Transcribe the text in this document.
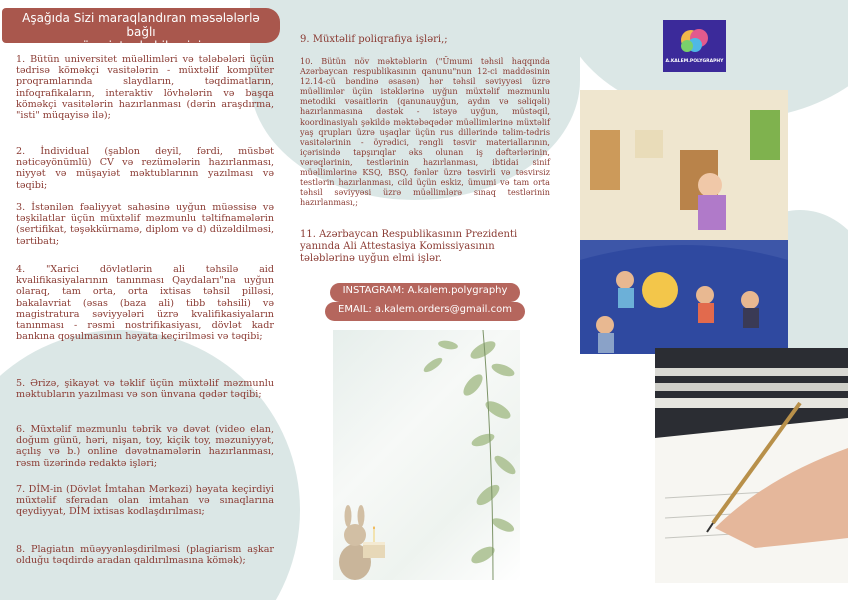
Aşağıda Sizi maraqlandıran məsələlərlə bağlı
müraciət edə bilərsiniz:

1. Bütün universitet müəllimləri və tələbələri üçün tədrisə köməkçi vasitələrin - müxtəlif kompüter proqramlarında slaydların, təqdimatların, infoqrafikaların, interaktiv lövhələrin və başqa köməkçi vasitələrin hazırlanması (dərin araşdırma, "isti" müqayisə ilə);

2. İndividual (şablon deyil, fərdi, müsbət nəticəyönümlü) CV və rezümələrin hazırlanması, niyyət və müşayiət məktublarının yazılması və təqibi;

3. İstənilən fəaliyyət sahəsinə uyğun müəssisə və təşkilatlar üçün müxtəlif məzmunlu təltifnamələrin (sertifikat, təşəkkürnamə, diplom və d) düzəldilməsi, tərtibatı;

4. "Xarici dövlətlərin ali təhsilə aid kvalifikasiyalarının tanınması Qaydaları"na uyğun olaraq, tam orta, orta ixtisas təhsil pilləsi, bakalavriat (əsas (baza ali) tibb təhsili) və magistratura səviyyələri üzrə kvalifikasiyaların tanınması - rəsmi nostrifikasiyası, dövlət kadr bankına qoşulmasının həyata keçirilməsi və təqibi;

5. Ərizə, şikayət və təklif üçün müxtəlif məzmunlu məktubların yazılması və son ünvana qədər təqibi;

6. Müxtəlif məzmunlu təbrik və dəvət (video elan, doğum günü, həri, nişan, toy, kiçik toy, məzuniyyət, açılış və b.) online dəvətnamələrin hazırlanması, rəsm üzərində redaktə işləri;

7. DİM-in (Dövlət İmtahan Mərkəzi) həyata keçirdiyi müxtəlif sferadan olan imtahan və sınaqlarına qeydiyyat, DİM ixtisas kodlaşdırılması;

8. Plagiatın müəyyənləşdirilməsi (plagiarism aşkar olduğu təqdirdə aradan qaldırılmasına kömək);

9. Müxtəlif poliqrafiya işləri,;
10. Bütün növ məktəblərin ("Ümumi təhsil haqqında Azərbaycan respublikasının qanunu"nun 12-ci maddəsinin 12.14-cü bəndinə əsasən) hər təhsil səviyyəsi üzrə müəllimlər üçün istəklərinə uyğun müxtəlif məzmunlu metodiki vəsaitlərin (qanunauyğun, aydın və səliqəli) hazırlanmasına dəstək - istəyə uyğun, müstəqil, koordinasiyalı şəkildə məktəbəqədər müəllimlərinə müxtəlif yaş qrupları üzrə uşaqlar üçün rus dillərində təlim-tədris vasitələrinin - öyrədici, rəngli təsvir materiallarının, içərisində tapşırıqlar əks olunan iş dəftərlərinin, vərəqlərinin, testlərinin hazırlanması, ibtidai sinif müəllimlərinə KSQ, BSQ, fənlər üzrə təsvirli və təsvirsiz testlərin hazırlanması, cild üçün eskiz, ümumi və tam orta təhsil səviyyəsi üzrə müəllimlərə sınaq testlərinin hazırlanması,;
11. Azərbaycan Respublikasının Prezidenti yanında Ali Attestasiya Komissiyasının tələblərinə uyğun elmi işlər.
INSTAGRAM: A.kalem.polygraphy
EMAIL: a.kalem.orders@gmail.com
A.KALEM.POLYGRAPHY
